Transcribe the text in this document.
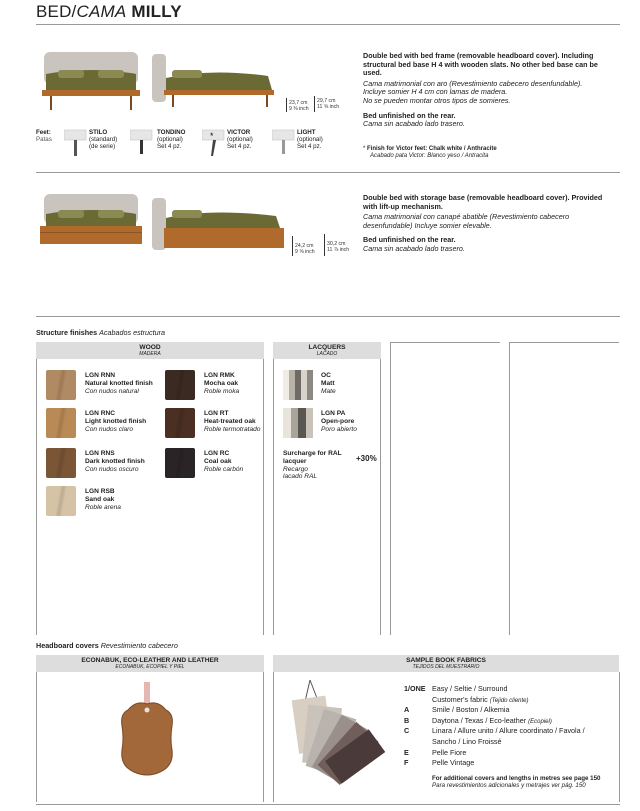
BED/CAMA MILLY
23,7 cm
9 ⅜ inch
29,7 cm
11 ⅝ inch
Double bed with bed frame (removable headboard cover). Including structural bed base H 4 with wooden slats. No other bed base can be used.
Cama matrimonial con aro (Revestimiento cabecero desenfundable).
Incluye somier H 4 cm con lamas de madera.
No se pueden montar otros tipos de somieres.
Bed unfinished on the rear.
Cama sin acabado lado trasero.
* Finish for Victor feet: Chalk white / Anthracite
Acabado pata Victor: Blanco yeso / Antracita
Feet:
Patas
STILO
(standard)
(de serie)
TONDINO
(optional)
Set 4 pz.
* VICTOR
(optional)
Set 4 pz.
LIGHT
(optional)
Set 4 pz.
24,2 cm
9 ⅝ inch
30,2 cm
11 ⅞ inch
Double bed with storage base (removable headboard cover). Provided with lift-up mechanism.
Cama matrimonial con canapé abatible (Revestimiento cabecero desenfundable) Incluye somier elevable.
Bed unfinished on the rear.
Cama sin acabado lado trasero.
Structure finishes Acabados estructura
WOOD
MADERA
LGN RNN
Natural knotted finish
Con nudos natural
LGN RNC
Light knotted finish
Con nudos claro
LGN RNS
Dark knotted finish
Con nudos oscuro
LGN RSB
Sand oak
Roble arena
LGN RMK
Mocha oak
Roble moka
LGN RT
Heat-treated oak
Roble termotratado
LGN RC
Coal oak
Roble carbón
LACQUERS
LACADO
OC
Matt
Mate
LGN PA
Open-pore
Poro abierto
Surcharge for RAL lacquer
Recargo
lacado RAL
+30%
Headboard covers Revestimiento cabecero
ECONABUK, ECO-LEATHER AND LEATHER
ECONABUK, ECOPIEL Y PIEL
SAMPLE BOOK FABRICS
TEJIDOS DEL MUESTRARIO
1/ONE Easy / Seltie / Surround
Customer's fabric (Tejido cliente)
A	Smile / Boston / Alkemia
B	Daytona / Texas / Eco-leather (Ecopiel)
C	Linara / Allure unito / Allure coordinato / Favola /
Sancho / Lino Froissé
E	Pelle Fiore
F	Pelle Vintage
For additional covers and lengths in metres see page 150
Para revestimientos adicionales y metrajes ver pág. 150
